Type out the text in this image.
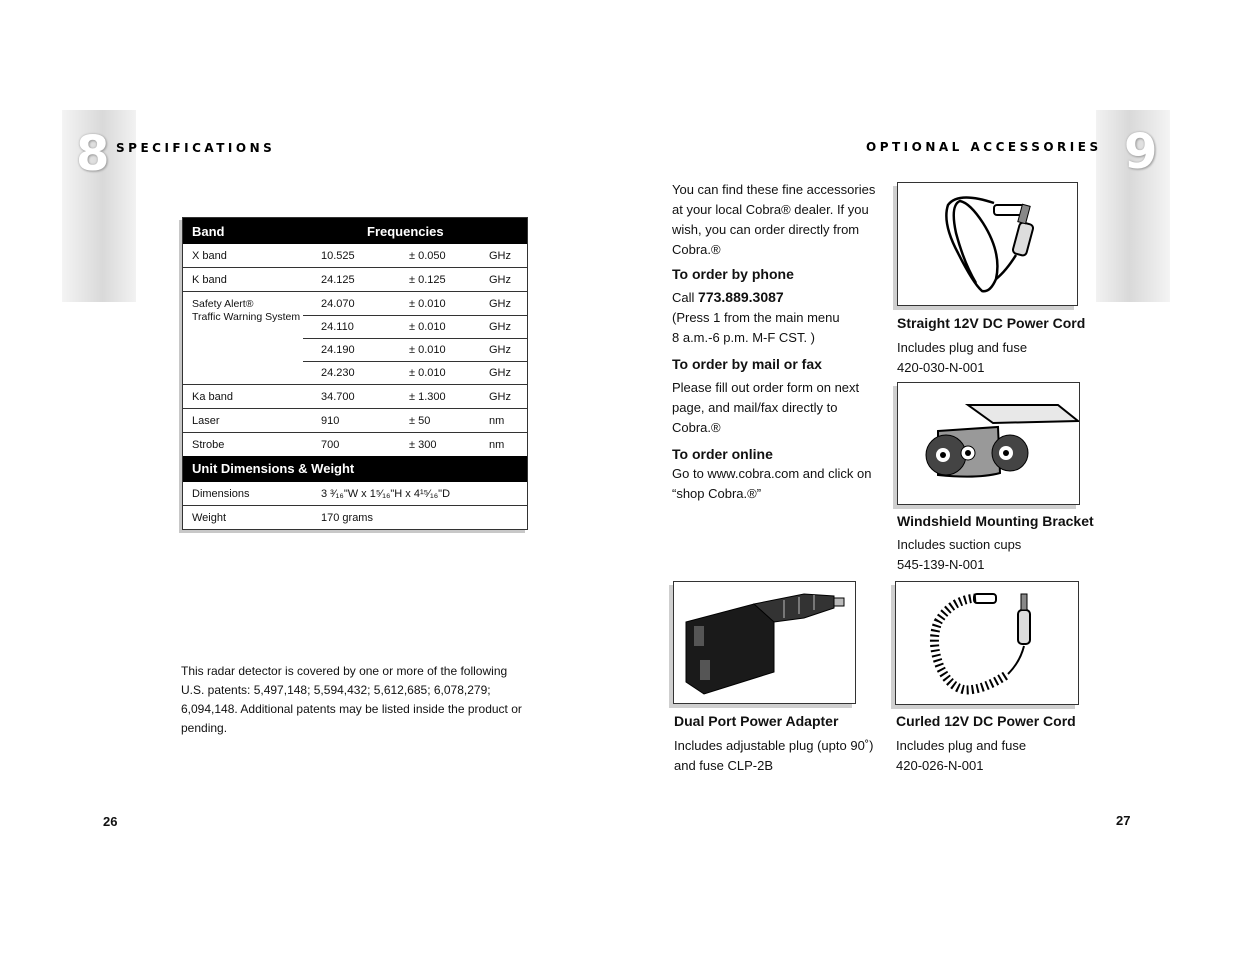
8 SPECIFICATIONS
Band	Frequencies
X band	10.525	± 0.050	GHz
K band	24.125	± 0.125	GHz
Safety Alert®
Traffic Warning System
24.070	± 0.010	GHz
24.110	± 0.010	GHz
24.190	± 0.010	GHz
24.230	± 0.010	GHz
Ka band	34.700	± 1.300	GHz
Laser	910	± 50	nm
Strobe	700	± 300	nm
Unit Dimensions & Weight
Dimensions	3 ³⁄₁₆"W x 1⁵⁄₁₆"H x 4¹⁵⁄₁₆"D
Weight	170 grams
This radar detector is covered by one or more of the following U.S. patents: 5,497,148; 5,594,432; 5,612,685; 6,078,279; 6,094,148. Additional patents may be listed inside the product or pending.
26
9
OPTIONAL ACCESSORIES
You can find these fine accessories at your local Cobra® dealer. If you wish, you can order directly from Cobra.®
To order by phone
Call 773.889.3087
(Press 1 from the main menu
8 a.m.-6 p.m. M-F CST. )
To order by mail or fax
Please fill out order form on next page, and mail/fax directly to Cobra.®
To order online
Go to www.cobra.com and click on
“shop Cobra.®”
Straight 12V DC Power Cord
Includes plug and fuse
420-030-N-001
Windshield Mounting Bracket
Includes suction cups
545-139-N-001
Dual Port Power Adapter
Includes adjustable plug (upto 90˚)
and fuse CLP-2B
Curled 12V DC Power Cord
Includes plug and fuse
420-026-N-001
27
